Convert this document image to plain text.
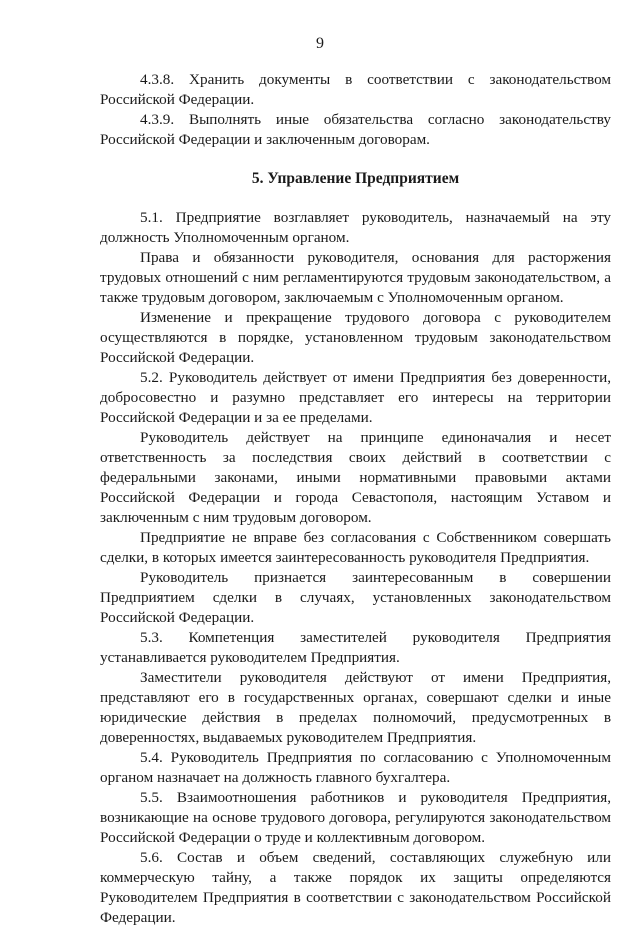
9

4.3.8. Хранить документы в соответствии с законодательством Российской Федерации.

4.3.9. Выполнять иные обязательства согласно законодательству Российской Федерации и заключенным договорам.

5. Управление Предприятием

5.1. Предприятие возглавляет руководитель, назначаемый на эту должность Уполномоченным органом.

Права и обязанности руководителя, основания для расторжения трудовых отношений с ним регламентируются трудовым законодательством, а также трудовым договором, заключаемым с Уполномоченным органом.

Изменение и прекращение трудового договора с руководителем осуществляются в порядке, установленном трудовым законодательством Российской Федерации.

5.2. Руководитель действует от имени Предприятия без доверенности, добросовестно и разумно представляет его интересы на территории Российской Федерации и за ее пределами.

Руководитель действует на принципе единоначалия и несет ответственность за последствия своих действий в соответствии с федеральными законами, иными нормативными правовыми актами Российской Федерации и города Севастополя, настоящим Уставом и заключенным с ним трудовым договором.

Предприятие не вправе без согласования с Собственником совершать сделки, в которых имеется заинтересованность руководителя Предприятия.

Руководитель признается заинтересованным в совершении Предприятием сделки в случаях, установленных законодательством Российской Федерации.

5.3. Компетенция заместителей руководителя Предприятия устанавливается руководителем Предприятия.

Заместители руководителя действуют от имени Предприятия, представляют его в государственных органах, совершают сделки и иные юридические действия в пределах полномочий, предусмотренных в доверенностях, выдаваемых руководителем Предприятия.

5.4. Руководитель Предприятия по согласованию с Уполномоченным органом назначает на должность главного бухгалтера.

5.5. Взаимоотношения работников и руководителя Предприятия, возникающие на основе трудового договора, регулируются законодательством Российской Федерации о труде и коллективным договором.

5.6. Состав и объем сведений, составляющих служебную или коммерческую тайну, а также порядок их защиты определяются Руководителем Предприятия в соответствии с законодательством Российской Федерации.
